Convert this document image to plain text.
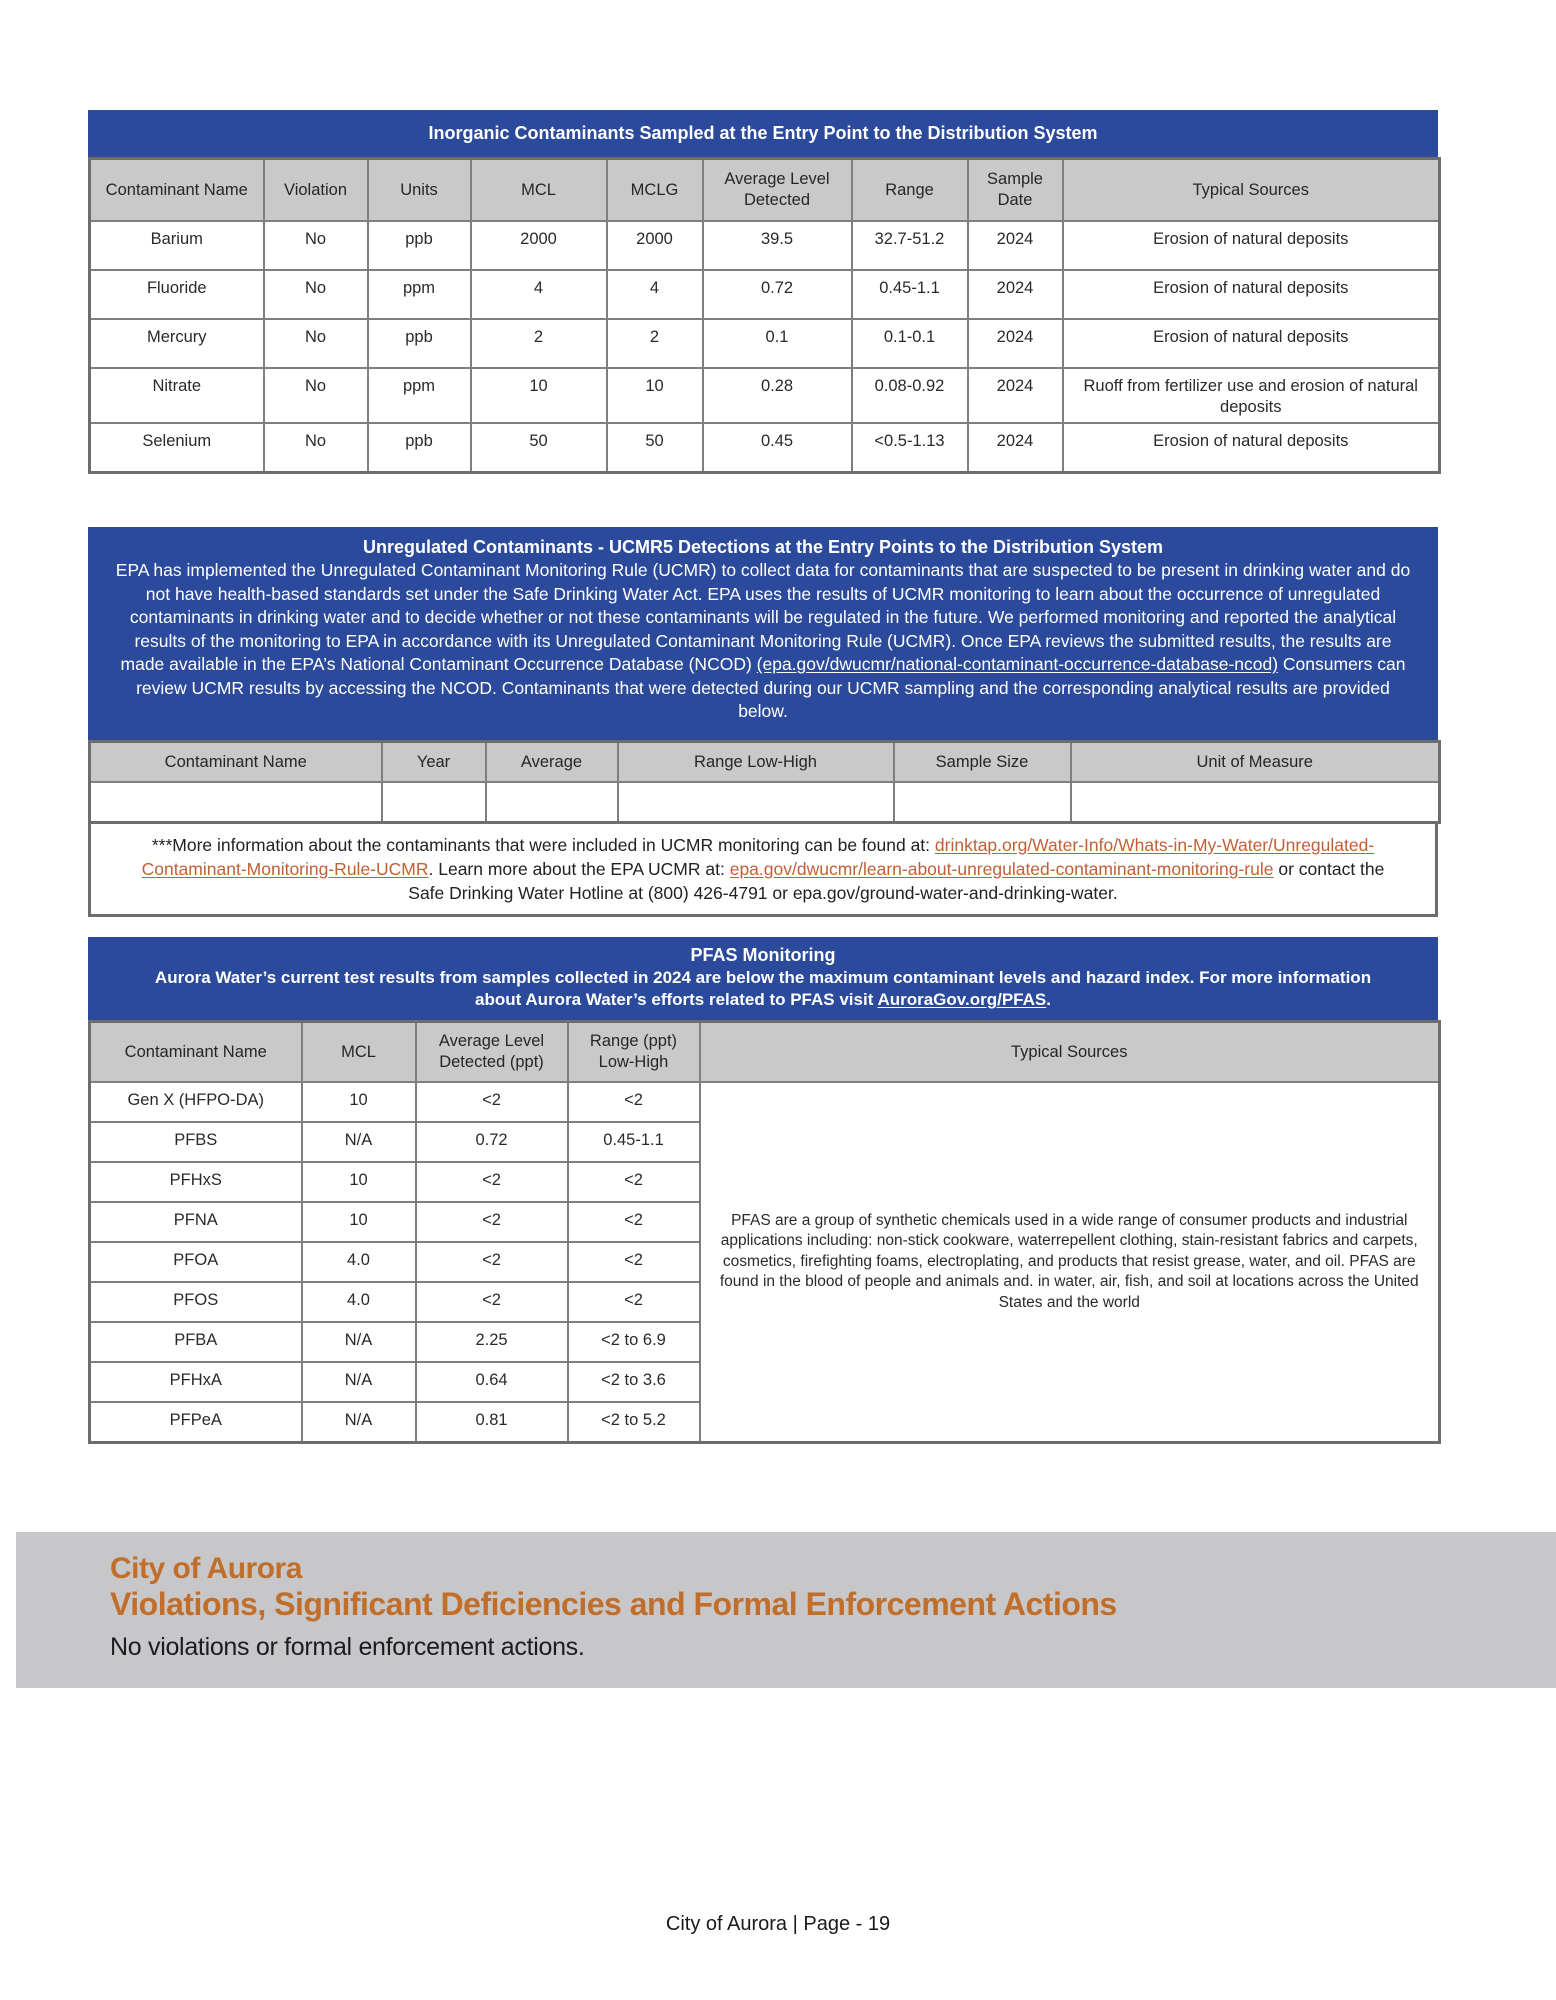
Inorganic Contaminants Sampled at the Entry Point to the Distribution System
Contaminant Name	Violation	Units	MCL	MCLG	Average Level Detected	Range	Sample Date	Typical Sources
Barium	No	ppb	2000	2000	39.5	32.7-51.2	2024	Erosion of natural deposits
Fluoride	No	ppm	4	4	0.72	0.45-1.1	2024	Erosion of natural deposits
Mercury	No	ppb	2	2	0.1	0.1-0.1	2024	Erosion of natural deposits
Nitrate	No	ppm	10	10	0.28	0.08-0.92	2024	Ruoff from fertilizer use and erosion of natural deposits
Selenium	No	ppb	50	50	0.45	<0.5-1.13	2024	Erosion of natural deposits
Unregulated Contaminants - UCMR5 Detections at the Entry Points to the Distribution System
EPA has implemented the Unregulated Contaminant Monitoring Rule (UCMR) to collect data for contaminants that are suspected to be present in drinking water and do not have health-based standards set under the Safe Drinking Water Act. EPA uses the results of UCMR monitoring to learn about the occurrence of unregulated contaminants in drinking water and to decide whether or not these contaminants will be regulated in the future. We performed monitoring and reported the analytical results of the monitoring to EPA in accordance with its Unregulated Contaminant Monitoring Rule (UCMR). Once EPA reviews the submitted results, the results are made available in the EPA’s National Contaminant Occurrence Database (NCOD) (epa.gov/dwucmr/national-contaminant-occurrence-database-ncod) Consumers can review UCMR results by accessing the NCOD. Contaminants that were detected during our UCMR sampling and the corresponding analytical results are provided below.
Contaminant Name	Year	Average	Range Low-High	Sample Size	Unit of Measure

***More information about the contaminants that were included in UCMR monitoring can be found at: drinktap.org/Water-Info/Whats-in-My-Water/Unregulated-Contaminant-Monitoring-Rule-UCMR. Learn more about the EPA UCMR at: epa.gov/dwucmr/learn-about-unregulated-contaminant-monitoring-rule or contact the Safe Drinking Water Hotline at (800) 426-4791 or epa.gov/ground-water-and-drinking-water.
PFAS Monitoring
Aurora Water’s current test results from samples collected in 2024 are below the maximum contaminant levels and hazard index. For more information about Aurora Water’s efforts related to PFAS visit AuroraGov.org/PFAS.
Contaminant Name	MCL	Average Level Detected (ppt)	Range (ppt) Low-High	Typical Sources
Gen X (HFPO-DA)	10	<2	<2	PFAS are a group of synthetic chemicals used in a wide range of consumer products and industrial applications including: non-stick cookware, waterrepellent clothing, stain-resistant fabrics and carpets, cosmetics, firefighting foams, electroplating, and products that resist grease, water, and oil. PFAS are found in the blood of people and animals and. in water, air, fish, and soil at locations across the United States and the world
PFBS	N/A	0.72	0.45-1.1	
PFHxS	10	<2	<2	
PFNA	10	<2	<2	
PFOA	4.0	<2	<2	
PFOS	4.0	<2	<2	
PFBA	N/A	2.25	<2 to 6.9	
PFHxA	N/A	0.64	<2 to 3.6	
PFPeA	N/A	0.81	<2 to 5.2	
City of Aurora
Violations, Significant Deficiencies and Formal Enforcement Actions

No violations or formal enforcement actions.

City of Aurora | Page - 19
